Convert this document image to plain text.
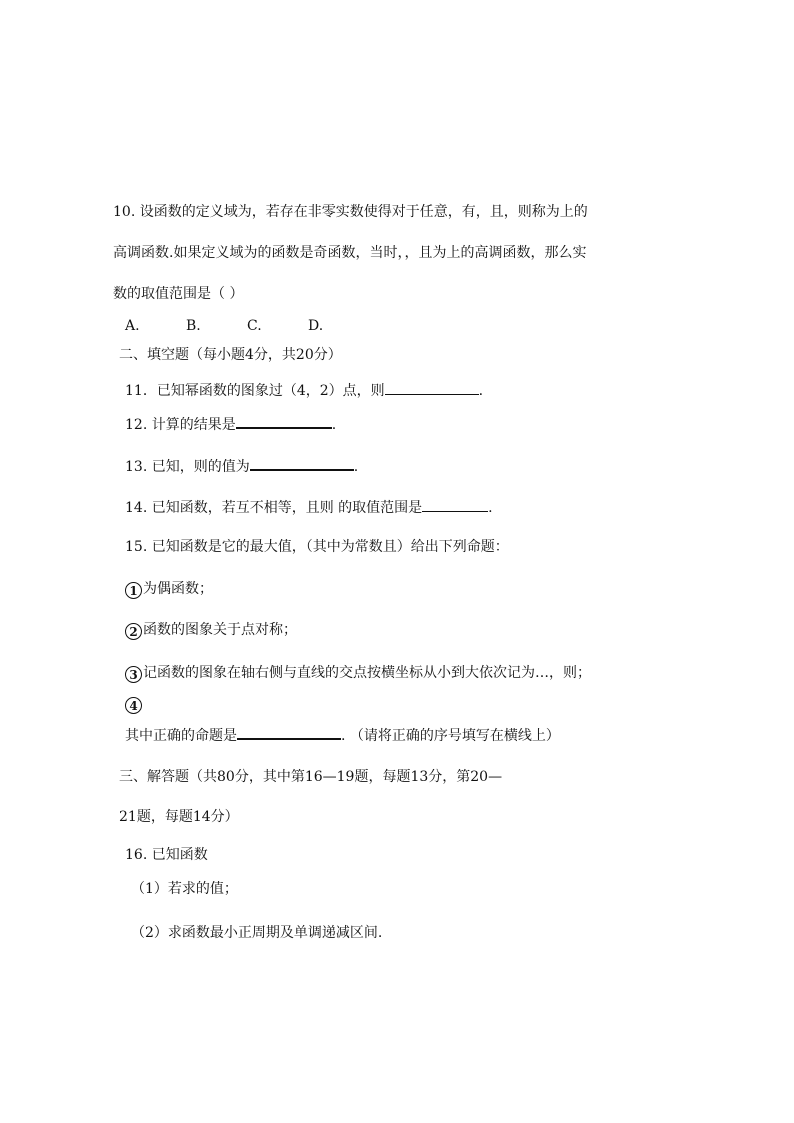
10. 设函数的定义域为，若存在非零实数使得对于任意，有，且，则称为上的
高调函数.如果定义域为的函数是奇函数，当时，，且为上的高调函数，那么实
数的取值范围是（ ）
A.	B.	C.	D.
二、填空题（每小题4分，共20分）
11．已知幂函数的图象过（4，2）点，则	.
12. 计算的结果是	.
13. 已知，则的值为	.
14. 已知函数，若互不相等，且则 的取值范围是	.
15. 已知函数是它的最大值，（其中为常数且）给出下列命题：
1 为偶函数；
2 函数的图象关于点对称；
3 记函数的图象在轴右侧与直线的交点按横坐标从小到大依次记为…，则；
4
其中正确的命题是	. （请将正确的序号填写在横线上）
三、解答题（共80分，其中第16—19题，每题13分，第20—
21题，每题14分）
16. 已知函数
（1）若求的值；
（2）求函数最小正周期及单调递减区间.
